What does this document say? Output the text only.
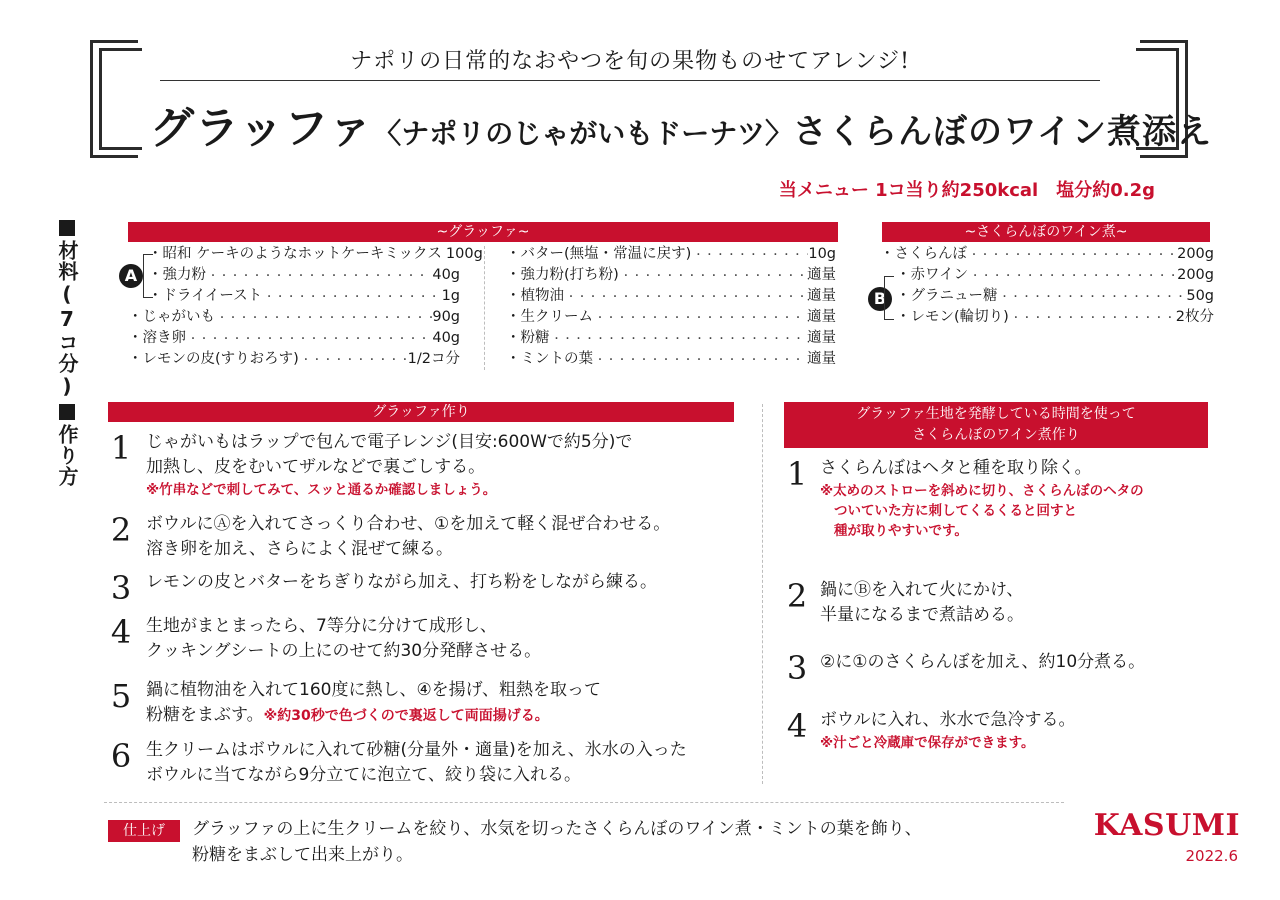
ナポリの日常的なおやつを旬の果物ものせてアレンジ!
グラッファ〈ナポリのじゃがいもドーナツ〉さくらんぼのワイン煮添え
当メニュー 1コ当り約250kcal 塩分約0.2g
材料(7コ分)
~グラッファ~
A
・昭和 ケーキのようなホットケーキミックス ・・・・・・・・・・・・・・・・・・・・・・・・・・・・・・・・・・・・・・・・・・・・・・・・・・・・・・・・・・・・ 100g
・強力粉 ・・・・・・・・・・・・・・・・・・・・・・・・・・・・・・・・・・・・・・・・・・・・・・・・・・・・・・・・・・・・	40g
・ドライイースト ・・・・・・・・・・・・・・・・・・・・・・・・・・・・・・・・・・・・・・・・・・・・・・・・・・・・・・・・・・・・	1g
・じゃがいも ・・・・・・・・・・・・・・・・・・・・・・・・・・・・・・・・・・・・・・・・・・・・・・・・・・・・・・・・・・・・	90g
・溶き卵 ・・・・・・・・・・・・・・・・・・・・・・・・・・・・・・・・・・・・・・・・・・・・・・・・・・・・・・・・・・・・	40g
・レモンの皮(すりおろす) ・・・・・・・・・・・・・・・・・・・・・・・・・・・・・・・・・・・・・・・・・・・・・・・・・・・・・・・・・・・・	1/2コ分
・バター(無塩・常温に戻す) ・・・・・・・・・・・・・・・・・・・・・・・・・・・・・・・・・・・・・・・・・・・・・・・・・・・・・・・・・・・・	10g
・強力粉(打ち粉) ・・・・・・・・・・・・・・・・・・・・・・・・・・・・・・・・・・・・・・・・・・・・・・・・・・・・・・・・・・・・	適量
・植物油 ・・・・・・・・・・・・・・・・・・・・・・・・・・・・・・・・・・・・・・・・・・・・・・・・・・・・・・・・・・・・	適量
・生クリーム ・・・・・・・・・・・・・・・・・・・・・・・・・・・・・・・・・・・・・・・・・・・・・・・・・・・・・・・・・・・・	適量
・粉糖 ・・・・・・・・・・・・・・・・・・・・・・・・・・・・・・・・・・・・・・・・・・・・・・・・・・・・・・・・・・・・	適量
・ミントの葉 ・・・・・・・・・・・・・・・・・・・・・・・・・・・・・・・・・・・・・・・・・・・・・・・・・・・・・・・・・・・・	適量
~さくらんぼのワイン煮~
・さくらんぼ ・・・・・・・・・・・・・・・・・・・・・・・・・・・・・・・・・・・・・・・・・・・・・・・・・・・・・・・・・・・・	200g
B
・赤ワイン ・・・・・・・・・・・・・・・・・・・・・・・・・・・・・・・・・・・・・・・・・・・・・・・・・・・・・・・・・・・・	200g
・グラニュー糖 ・・・・・・・・・・・・・・・・・・・・・・・・・・・・・・・・・・・・・・・・・・・・・・・・・・・・・・・・・・・・	50g
・レモン(輪切り) ・・・・・・・・・・・・・・・・・・・・・・・・・・・・・・・・・・・・・・・・・・・・・・・・・・・・・・・・・・・・	2枚分
作り方
グラッファ作り
1 じゃがいもはラップで包んで電子レンジ(目安:600Wで約5分)で
加熱し、皮をむいてザルなどで裏ごしする。
※竹串などで刺してみて、スッと通るか確認しましょう。
2 ボウルにⒶを入れてさっくり合わせ、①を加えて軽く混ぜ合わせる。
溶き卵を加え、さらによく混ぜて練る。
3 レモンの皮とバターをちぎりながら加え、打ち粉をしながら練る。
4 生地がまとまったら、7等分に分けて成形し、
クッキングシートの上にのせて約30分発酵させる。
5 鍋に植物油を入れて160度に熱し、④を揚げ、粗熱を取って
粉糖をまぶす。※約30秒で色づくので裏返して両面揚げる。
6 生クリームはボウルに入れて砂糖(分量外・適量)を加え、氷水の入った
ボウルに当てながら9分立てに泡立て、絞り袋に入れる。
グラッファ生地を発酵している時間を使って
さくらんぼのワイン煮作り
1 さくらんぼはヘタと種を取り除く。
※太めのストローを斜めに切り、さくらんぼのヘタの
ついていた方に刺してくるくると回すと
種が取りやすいです。
2 鍋にⒷを入れて火にかけ、
半量になるまで煮詰める。
3 ②に①のさくらんぼを加え、約10分煮る。
4 ボウルに入れ、氷水で急冷する。
※汁ごと冷蔵庫で保存ができます。
仕上げ	グラッファの上に生クリームを絞り、水気を切ったさくらんぼのワイン煮・ミントの葉を飾り、
粉糖をまぶして出来上がり。
KASUMI
2022.6
